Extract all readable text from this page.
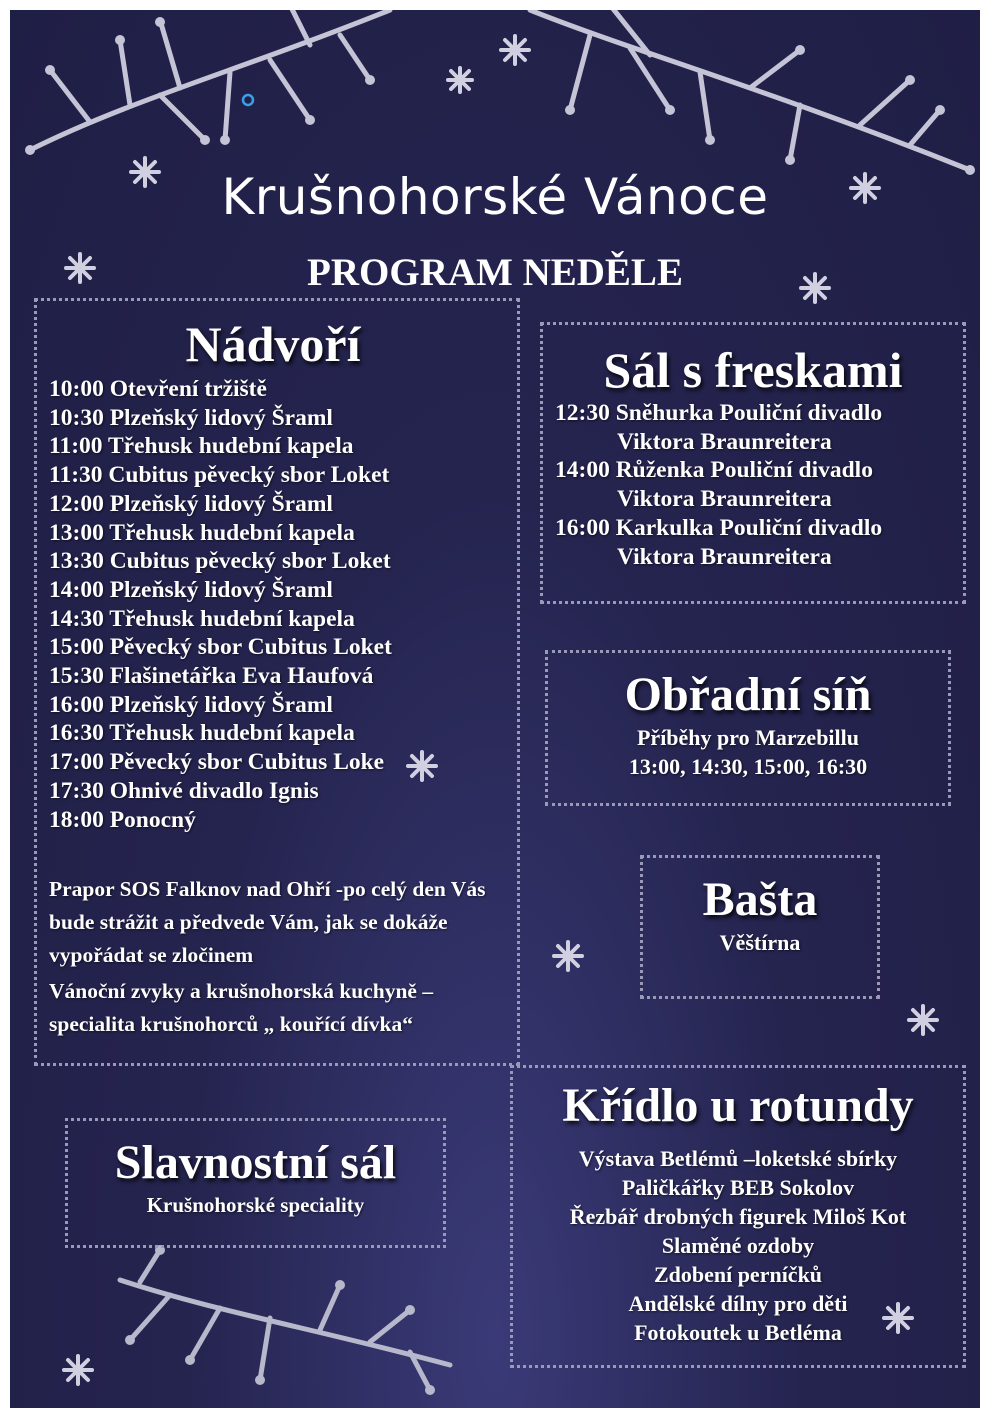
Krušnohorské Vánoce
PROGRAM NEDĚLE
Nádvoří
10:00 Otevření tržiště
10:30 Plzeňský lidový Šraml
11:00 Třehusk hudební kapela
11:30 Cubitus pěvecký sbor Loket
12:00 Plzeňský lidový Šraml
13:00 Třehusk hudební kapela
13:30 Cubitus pěvecký sbor Loket
14:00 Plzeňský lidový Šraml
14:30 Třehusk hudební kapela
15:00 Pěvecký sbor Cubitus Loket
15:30 Flašinetářka Eva Haufová
16:00 Plzeňský lidový Šraml
16:30 Třehusk hudební kapela
17:00 Pěvecký sbor Cubitus Loke
17:30 Ohnivé divadlo Ignis
18:00 Ponocný
Prapor SOS Falknov nad Ohří -po celý den Vás bude strážit a předvede Vám, jak se dokáže vypořádat se zločinem
Vánoční zvyky a krušnohorská kuchyně – specialita krušnohorců „ kouřící dívka“
Sál s freskami
12:30 Sněhurka Pouliční divadlo
Viktora Braunreitera
14:00 Růženka Pouliční divadlo
Viktora Braunreitera
16:00 Karkulka Pouliční divadlo
Viktora Braunreitera
Obřadní síň
Příběhy pro Marzebillu
13:00, 14:30, 15:00, 16:30
Bašta
Věštírna
Slavnostní sál
Krušnohorské speciality
Křídlo u rotundy
Výstava Betlémů –loketské sbírky
Paličkářky BEB Sokolov
Řezbář drobných figurek Miloš Kot
Slaměné ozdoby
Zdobení perníčků
Andělské dílny pro děti
Fotokoutek u Betléma
